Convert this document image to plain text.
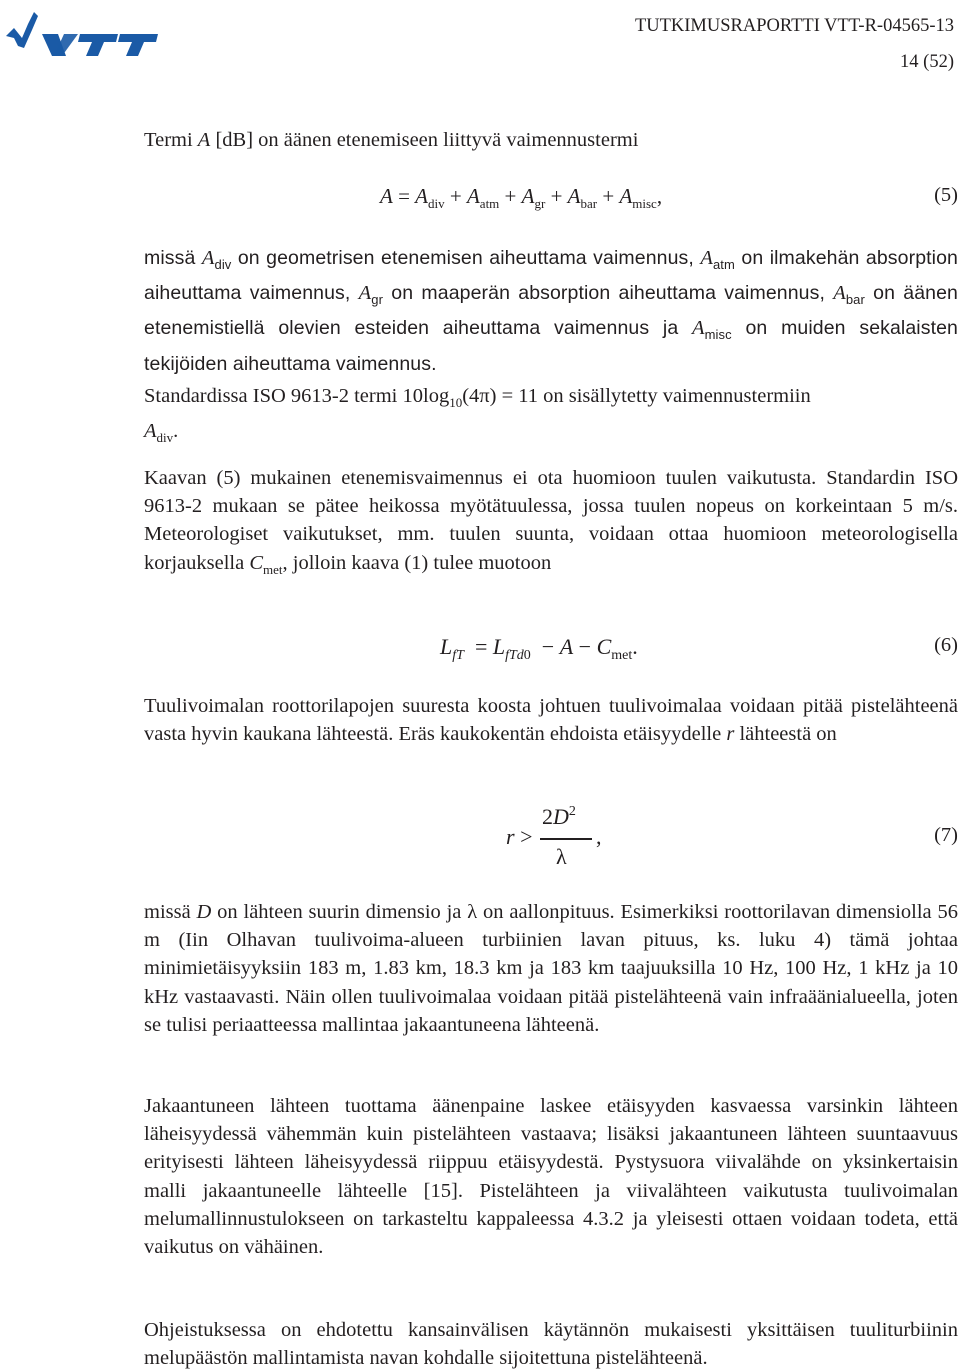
TUTKIMUSRAPORTTI VTT-R-04565-13
14 (52)
Termi A [dB] on äänen etenemiseen liittyvä vaimennustermi
$A = A_{div} + A_{atm} + A_{gr} + A_{bar} + A_{misc}$,	(5)
missä $A_{div}$ on geometrisen etenemisen aiheuttama vaimennus, $A_{atm}$ on ilmakehän absorption aiheuttama vaimennus, $A_{gr}$ on maaperän absorption aiheuttama vaimennus, $A_{bar}$ on äänen etenemistiellä olevien esteiden aiheuttama vaimennus ja $A_{misc}$ on muiden sekalaisten tekijöiden aiheuttama vaimennus.
Standardissa ISO 9613-2 termi $10\log_{10}(4\pi) = 11$ on sisällytetty vaimennustermiin
$A_{div}$.
Kaavan (5) mukainen etenemisvaimennus ei ota huomioon tuulen vaikutusta. Standardin ISO 9613-2 mukaan se pätee heikossa myötätuulessa, jossa tuulen nopeus on korkeintaan 5 m/s. Meteorologiset vaikutukset, mm. tuulen suunta, voidaan ottaa huomioon meteorologisella korjauksella $C_{met}$, jolloin kaava (1) tulee muotoon
$L_{fT} = L_{fTd0} - A - C_{met}$.	(6)
Tuulivoimalan roottorilapojen suuresta koosta johtuen tuulivoimalaa voidaan pitää pistelähteenä vasta hyvin kaukana lähteestä. Eräs kaukokentän ehdoista etäisyydelle r lähteestä on
r >
$2D^2$
λ
,	(7)
missä D on lähteen suurin dimensio ja λ on aallonpituus. Esimerkiksi roottorilavan dimensiolla 56 m (Iin Olhavan tuulivoima-alueen turbiinien lavan pituus, ks. luku 4) tämä johtaa minimietäisyyksiin 183 m, 1.83 km, 18.3 km ja 183 km taajuuksilla 10 Hz, 100 Hz, 1 kHz ja 10 kHz vastaavasti. Näin ollen tuulivoimalaa voidaan pitää pistelähteenä vain infraäänialueella, joten se tulisi periaatteessa mallintaa jakaantuneena lähteenä.
Jakaantuneen lähteen tuottama äänenpaine laskee etäisyyden kasvaessa varsinkin lähteen läheisyydessä vähemmän kuin pistelähteen vastaava; lisäksi jakaantuneen lähteen suuntaavuus erityisesti lähteen läheisyydessä riippuu etäisyydestä. Pystysuora viivalähde on yksinkertaisin malli jakaantuneelle lähteelle [15]. Pistelähteen ja viivalähteen vaikutusta tuulivoimalan melumallinnustulokseen on tarkasteltu kappaleessa 4.3.2 ja yleisesti ottaen voidaan todeta, että vaikutus on vähäinen.
Ohjeistuksessa on ehdotettu kansainvälisen käytännön mukaisesti yksittäisen tuuliturbiinin melupäästön mallintamista navan kohdalle sijoitettuna pistelähteenä.
